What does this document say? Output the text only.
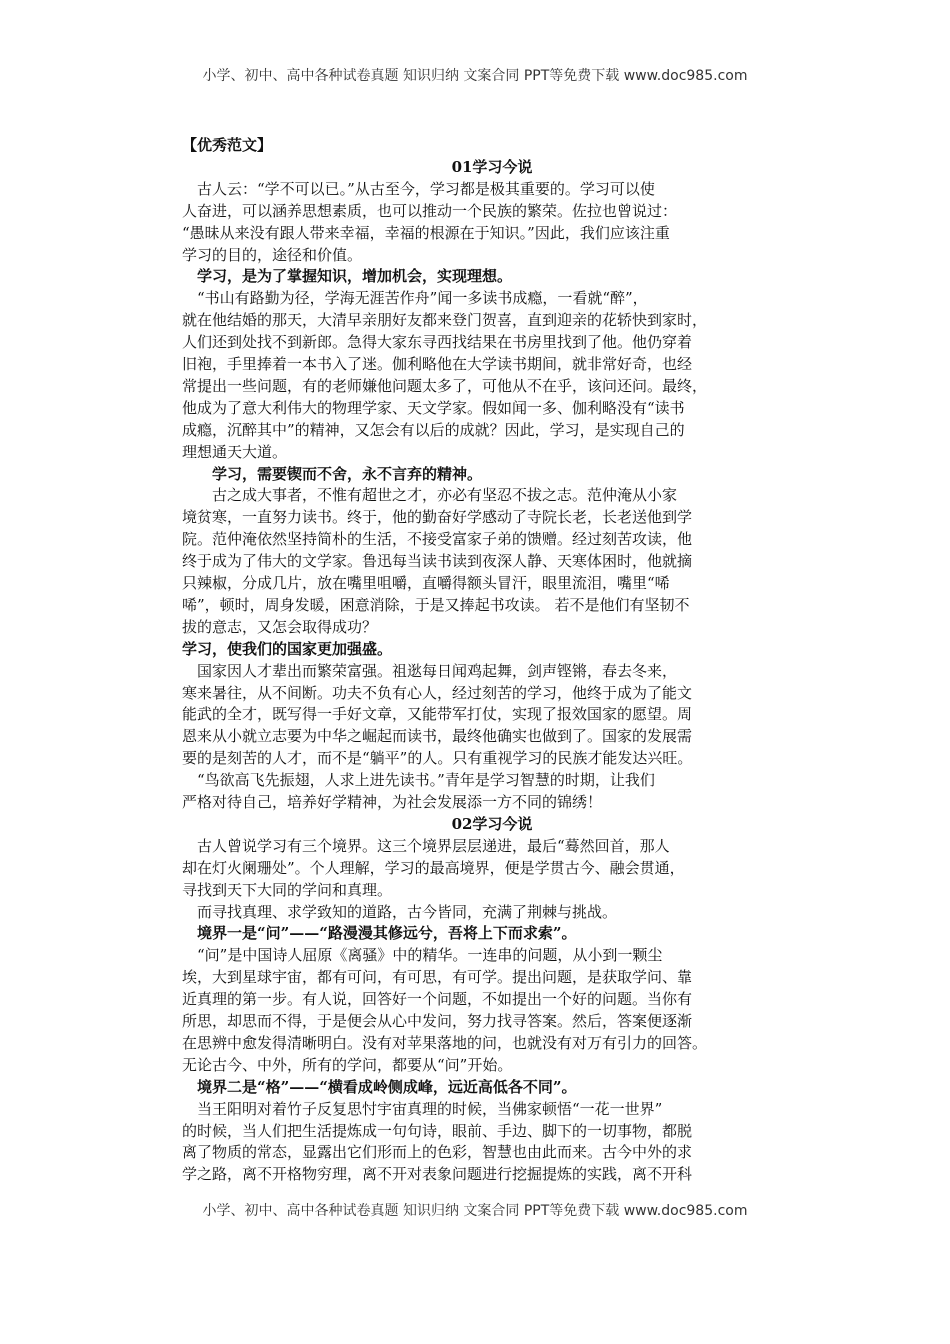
小学、初中、高中各种试卷真题 知识归纳 文案合同 PPT等免费下载 www.doc985.com
【优秀范文】
01学习今说
　古人云：“学不可以已。”从古至今，学习都是极其重要的。学习可以使
人奋进，可以涵养思想素质，也可以推动一个民族的繁荣。佐拉也曾说过：
“愚昧从来没有跟人带来幸福，幸福的根源在于知识。”因此，我们应该注重
学习的目的，途径和价值。
　学习，是为了掌握知识，增加机会，实现理想。
　“书山有路勤为径，学海无涯苦作舟”闻一多读书成瘾，一看就“醉”，
就在他结婚的那天，大清早亲朋好友都来登门贺喜，直到迎亲的花轿快到家时，
人们还到处找不到新郎。急得大家东寻西找结果在书房里找到了他。他仍穿着
旧袍，手里捧着一本书入了迷。伽利略他在大学读书期间，就非常好奇，也经
常提出一些问题，有的老师嫌他问题太多了，可他从不在乎，该问还问。最终，
他成为了意大利伟大的物理学家、天文学家。假如闻一多、伽利略没有“读书
成瘾，沉醉其中”的精神，又怎会有以后的成就？因此，学习，是实现自己的
理想通天大道。
　　学习，需要锲而不舍，永不言弃的精神。
　　古之成大事者，不惟有超世之才，亦必有坚忍不拔之志。范仲淹从小家
境贫寒，一直努力读书。终于，他的勤奋好学感动了寺院长老，长老送他到学
院。范仲淹依然坚持简朴的生活，不接受富家子弟的馈赠。经过刻苦攻读，他
终于成为了伟大的文学家。鲁迅每当读书读到夜深人静、天寒体困时，他就摘
只辣椒，分成几片，放在嘴里咀嚼，直嚼得额头冒汗，眼里流泪，嘴里“唏
唏”，顿时，周身发暖，困意消除，于是又捧起书攻读。 若不是他们有坚韧不
拔的意志，又怎会取得成功？
学习，使我们的国家更加强盛。
　国家因人才辈出而繁荣富强。祖逖每日闻鸡起舞，剑声铿锵，春去冬来，
寒来暑往，从不间断。功夫不负有心人，经过刻苦的学习，他终于成为了能文
能武的全才，既写得一手好文章，又能带军打仗，实现了报效国家的愿望。周
恩来从小就立志要为中华之崛起而读书，最终他确实也做到了。国家的发展需
要的是刻苦的人才，而不是“躺平”的人。只有重视学习的民族才能发达兴旺。
　“鸟欲高飞先振翅，人求上进先读书。”青年是学习智慧的时期，让我们
严格对待自己，培养好学精神，为社会发展添一方不同的锦绣！
02学习今说
　古人曾说学习有三个境界。这三个境界层层递进，最后“蓦然回首，那人
却在灯火阑珊处”。个人理解，学习的最高境界，便是学贯古今、融会贯通，
寻找到天下大同的学问和真理。
　而寻找真理、求学致知的道路，古今皆同，充满了荆棘与挑战。
　境界一是“问”——“路漫漫其修远兮，吾将上下而求索”。
　“问”是中国诗人屈原《离骚》中的精华。一连串的问题，从小到一颗尘
埃，大到星球宇宙，都有可问，有可思，有可学。提出问题，是获取学问、靠
近真理的第一步。有人说，回答好一个问题，不如提出一个好的问题。当你有
所思，却思而不得，于是便会从心中发问，努力找寻答案。然后，答案便逐渐
在思辨中愈发得清晰明白。没有对苹果落地的问，也就没有对万有引力的回答。
无论古今、中外，所有的学问，都要从“问”开始。
　境界二是“格”——“横看成岭侧成峰，远近高低各不同”。
　当王阳明对着竹子反复思忖宇宙真理的时候，当佛家顿悟“一花一世界”
的时候，当人们把生活提炼成一句句诗，眼前、手边、脚下的一切事物，都脱
离了物质的常态，显露出它们形而上的色彩，智慧也由此而来。古今中外的求
学之路，离不开格物穷理，离不开对表象问题进行挖掘提炼的实践，离不开科
小学、初中、高中各种试卷真题 知识归纳 文案合同 PPT等免费下载 www.doc985.com
